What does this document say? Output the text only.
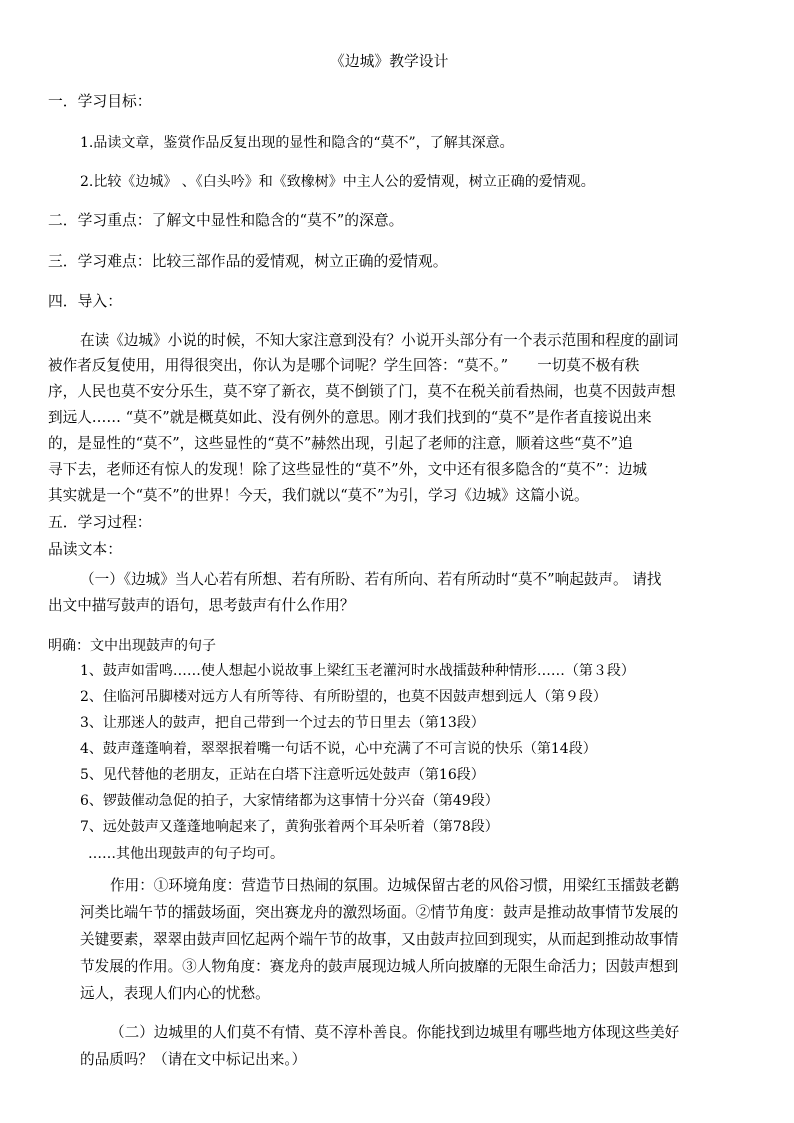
《边城》教学设计
一．学习目标：
1.品读文章，鉴赏作品反复出现的显性和隐含的“莫不”，了解其深意。
2.比较《边城》 、《白头吟》和《致橡树》中主人公的爱情观，树立正确的爱情观。
二．学习重点：了解文中显性和隐含的“莫不”的深意。
三．学习难点：比较三部作品的爱情观，树立正确的爱情观。
四．导入：
在读《边城》小说的时候，不知大家注意到没有？小说开头部分有一个表示范围和程度的副词
被作者反复使用，用得很突出，你认为是哪个词呢？学生回答：“莫不。”　　一切莫不极有秩
序，人民也莫不安分乐生，莫不穿了新衣，莫不倒锁了门，莫不在税关前看热闹，也莫不因鼓声想
到远人…… “莫不”就是概莫如此、没有例外的意思。刚才我们找到的“莫不”是作者直接说出来
的，是显性的“莫不”，这些显性的“莫不”赫然出现，引起了老师的注意，顺着这些“莫不”追
寻下去，老师还有惊人的发现！除了这些显性的“莫不”外，文中还有很多隐含的“莫不”：边城
其实就是一个“莫不”的世界！今天，我们就以“莫不”为引，学习《边城》这篇小说。
五．学习过程：
品读文本：
（一）《边城》当人心若有所想、若有所盼、若有所向、若有所动时“莫不”响起鼓声。 请找
出文中描写鼓声的语句，思考鼓声有什么作用？
明确：文中出现鼓声的句子
1、鼓声如雷鸣……使人想起小说故事上梁红玉老灌河时水战擂鼓种种情形……（第３段）
2、住临河吊脚楼对远方人有所等待、有所盼望的，也莫不因鼓声想到远人（第９段）
3、让那迷人的鼓声，把自己带到一个过去的节日里去（第13段）
4、鼓声蓬蓬响着，翠翠抿着嘴一句话不说，心中充满了不可言说的快乐（第14段）
5、见代替他的老朋友，正站在白塔下注意听远处鼓声（第16段）
6、锣鼓催动急促的拍子，大家情绪都为这事情十分兴奋（第49段）
7、远处鼓声又蓬蓬地响起来了，黄狗张着两个耳朵听着（第78段）
……其他出现鼓声的句子均可。
作用：①环境角度：营造节日热闹的氛围。边城保留古老的风俗习惯，用梁红玉擂鼓老鹳
河类比端午节的擂鼓场面，突出赛龙舟的激烈场面。②情节角度：鼓声是推动故事情节发展的
关键要素，翠翠由鼓声回忆起两个端午节的故事，又由鼓声拉回到现实，从而起到推动故事情
节发展的作用。③人物角度：赛龙舟的鼓声展现边城人所向披靡的无限生命活力；因鼓声想到
远人，表现人们内心的忧愁。
（二）边城里的人们莫不有情、莫不淳朴善良。你能找到边城里有哪些地方体现这些美好
的品质吗？（请在文中标记出来。）
